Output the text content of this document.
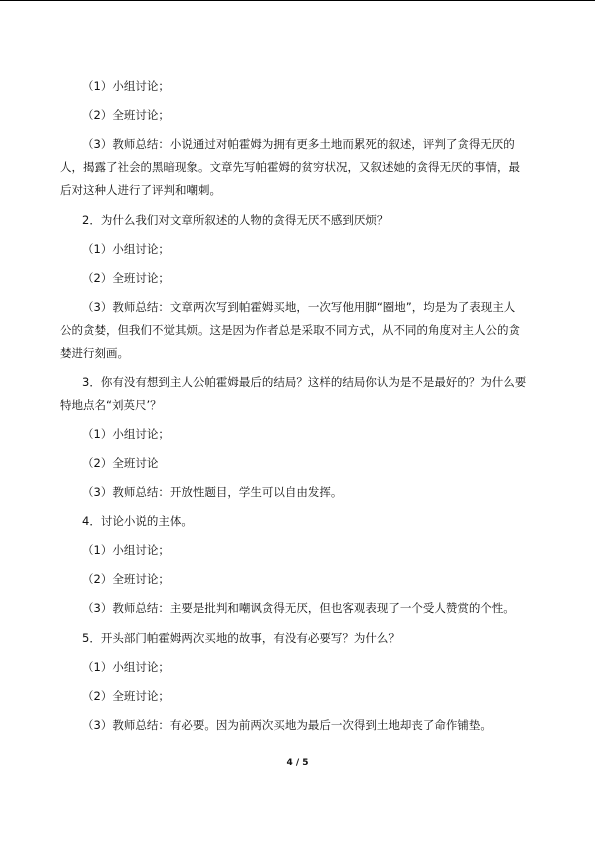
（1）小组讨论；
（2）全班讨论；
（3）教师总结：小说通过对帕霍姆为拥有更多土地而累死的叙述，评判了贪得无厌的
人，揭露了社会的黑暗现象。文章先写帕霍姆的贫穷状况，又叙述她的贪得无厌的事情，最
后对这种人进行了评判和嘲刺。
2．为什么我们对文章所叙述的人物的贪得无厌不感到厌烦？
（1）小组讨论；
（2）全班讨论；
（3）教师总结：文章两次写到帕霍姆买地，一次写他用脚“圈地”，均是为了表现主人
公的贪婪，但我们不觉其烦。这是因为作者总是采取不同方式，从不同的角度对主人公的贪
婪进行刻画。
3．你有没有想到主人公帕霍姆最后的结局？这样的结局你认为是不是最好的？为什么要
特地点名“刘英尺’？
（1）小组讨论；
（2）全班讨论
（3）教师总结：开放性题目，学生可以自由发挥。
4．讨论小说的主体。
（1）小组讨论；
（2）全班讨论；
（3）教师总结：主要是批判和嘲讽贪得无厌，但也客观表现了一个受人赞赏的个性。
5．开头部门帕霍姆两次买地的故事，有没有必要写？为什么？
（1）小组讨论；
（2）全班讨论；
（3）教师总结：有必要。因为前两次买地为最后一次得到土地却丧了命作铺垫。
4 / 5
